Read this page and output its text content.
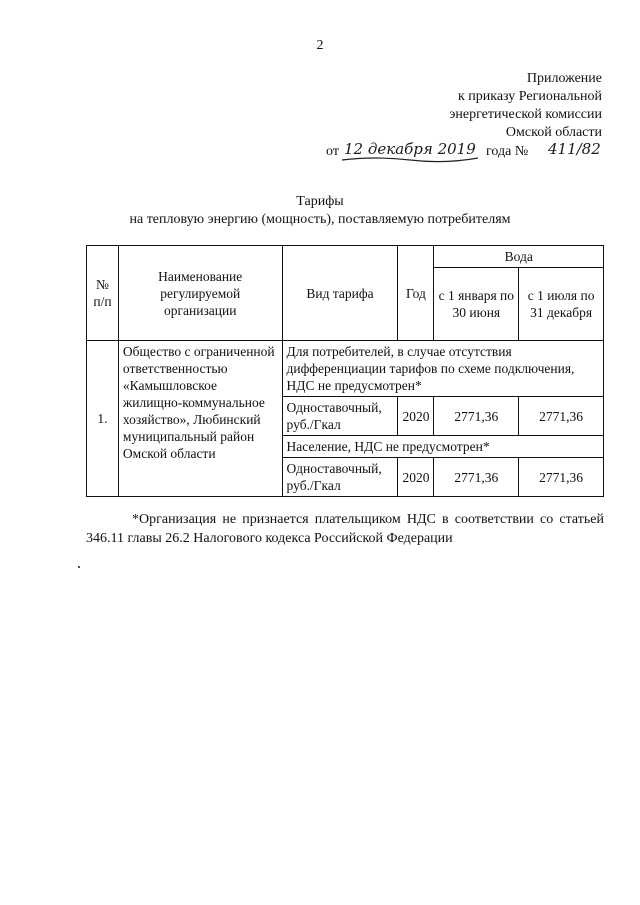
2
Приложение
к приказу Региональной
энергетической комиссии
Омской области
от 12 декабря 2019 года № 411/82
Тарифы
на тепловую энергию (мощность), поставляемую потребителям
№ п/п	Наименование регулируемой организации	Вид тарифа	Год	Вода	
				с 1 января по 30 июня	с 1 июля по 31 декабря
1.	Общество с ограниченной ответственностью «Камышловское жилищно-коммунальное хозяйство», Любинский муниципальный район Омской области	Для потребителей, в случае отсутствия дифференциации тарифов по схеме подключения, НДС не предусмотрен*			
		Одноставочный, руб./Гкал	2020	2771,36	2771,36
		Население, НДС не предусмотрен*			
		Одноставочный, руб./Гкал	2020	2771,36	2771,36
*Организация не признается плательщиком НДС в соответствии со статьей 346.11 главы 26.2 Налогового кодекса Российской Федерации
